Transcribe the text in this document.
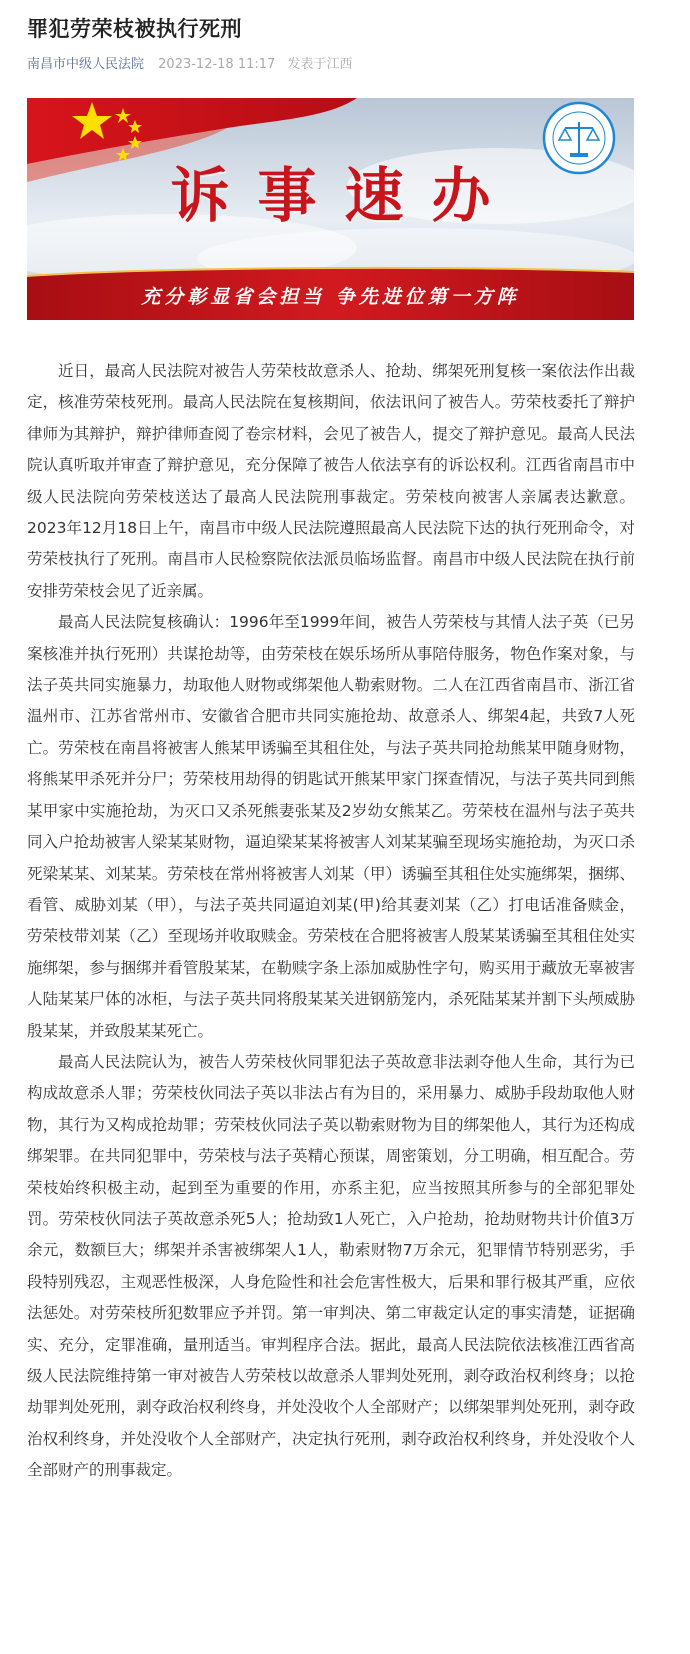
罪犯劳荣枝被执行死刑
南昌市中级人民法院 2023-12-18 11:17 发表于江西
诉事速办
充分彰显省会担当 争先进位第一方阵

近日，最高人民法院对被告人劳荣枝故意杀人、抢劫、绑架死刑复核一案依法作出裁定，核准劳荣枝死刑。最高人民法院在复核期间，依法讯问了被告人。劳荣枝委托了辩护律师为其辩护，辩护律师查阅了卷宗材料，会见了被告人，提交了辩护意见。最高人民法院认真听取并审查了辩护意见，充分保障了被告人依法享有的诉讼权利。江西省南昌市中级人民法院向劳荣枝送达了最高人民法院刑事裁定。劳荣枝向被害人亲属表达歉意。2023年12月18日上午，南昌市中级人民法院遵照最高人民法院下达的执行死刑命令，对劳荣枝执行了死刑。南昌市人民检察院依法派员临场监督。南昌市中级人民法院在执行前安排劳荣枝会见了近亲属。

最高人民法院复核确认：1996年至1999年间，被告人劳荣枝与其情人法子英（已另案核准并执行死刑）共谋抢劫等，由劳荣枝在娱乐场所从事陪侍服务，物色作案对象，与法子英共同实施暴力，劫取他人财物或绑架他人勒索财物。二人在江西省南昌市、浙江省温州市、江苏省常州市、安徽省合肥市共同实施抢劫、故意杀人、绑架4起，共致7人死亡。劳荣枝在南昌将被害人熊某甲诱骗至其租住处，与法子英共同抢劫熊某甲随身财物，将熊某甲杀死并分尸；劳荣枝用劫得的钥匙试开熊某甲家门探查情况，与法子英共同到熊某甲家中实施抢劫，为灭口又杀死熊妻张某及2岁幼女熊某乙。劳荣枝在温州与法子英共同入户抢劫被害人梁某某财物，逼迫梁某某将被害人刘某某骗至现场实施抢劫，为灭口杀死梁某某、刘某某。劳荣枝在常州将被害人刘某（甲）诱骗至其租住处实施绑架，捆绑、看管、威胁刘某（甲），与法子英共同逼迫刘某(甲)给其妻刘某（乙）打电话准备赎金，劳荣枝带刘某（乙）至现场并收取赎金。劳荣枝在合肥将被害人殷某某诱骗至其租住处实施绑架，参与捆绑并看管殷某某，在勒赎字条上添加威胁性字句，购买用于藏放无辜被害人陆某某尸体的冰柜，与法子英共同将殷某某关进钢筋笼内，杀死陆某某并割下头颅威胁殷某某，并致殷某某死亡。

最高人民法院认为，被告人劳荣枝伙同罪犯法子英故意非法剥夺他人生命，其行为已构成故意杀人罪；劳荣枝伙同法子英以非法占有为目的，采用暴力、威胁手段劫取他人财物，其行为又构成抢劫罪；劳荣枝伙同法子英以勒索财物为目的绑架他人，其行为还构成绑架罪。在共同犯罪中，劳荣枝与法子英精心预谋，周密策划，分工明确，相互配合。劳荣枝始终积极主动，起到至为重要的作用，亦系主犯，应当按照其所参与的全部犯罪处罚。劳荣枝伙同法子英故意杀死5人；抢劫致1人死亡，入户抢劫，抢劫财物共计价值3万余元，数额巨大；绑架并杀害被绑架人1人，勒索财物7万余元，犯罪情节特别恶劣，手段特别残忍，主观恶性极深，人身危险性和社会危害性极大，后果和罪行极其严重，应依法惩处。对劳荣枝所犯数罪应予并罚。第一审判决、第二审裁定认定的事实清楚，证据确实、充分，定罪准确，量刑适当。审判程序合法。据此，最高人民法院依法核准江西省高级人民法院维持第一审对被告人劳荣枝以故意杀人罪判处死刑，剥夺政治权利终身；以抢劫罪判处死刑，剥夺政治权利终身，并处没收个人全部财产；以绑架罪判处死刑，剥夺政治权利终身，并处没收个人全部财产，决定执行死刑，剥夺政治权利终身，并处没收个人全部财产的刑事裁定。

@安徽商报	@新华社
